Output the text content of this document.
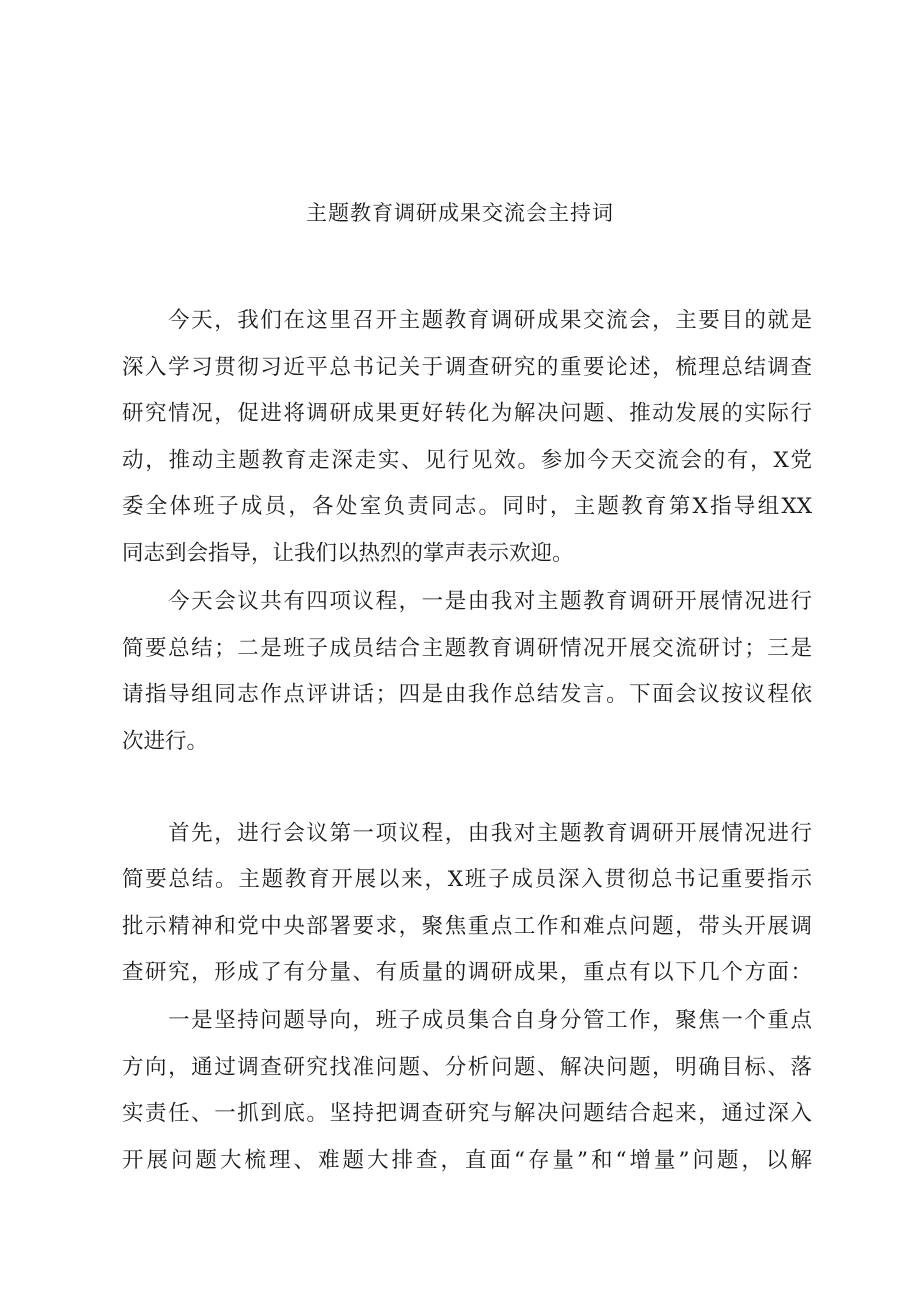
主题教育调研成果交流会主持词
　　今天，我们在这里召开主题教育调研成果交流会，主要目的就是
深入学习贯彻习近平总书记关于调查研究的重要论述，梳理总结调查
研究情况，促进将调研成果更好转化为解决问题、推动发展的实际行
动，推动主题教育走深走实、见行见效。参加今天交流会的有，X党
委全体班子成员，各处室负责同志。同时，主题教育第X指导组XX
同志到会指导，让我们以热烈的掌声表示欢迎。
　　今天会议共有四项议程，一是由我对主题教育调研开展情况进行
简要总结；二是班子成员结合主题教育调研情况开展交流研讨；三是
请指导组同志作点评讲话；四是由我作总结发言。下面会议按议程依
次进行。
　　首先，进行会议第一项议程，由我对主题教育调研开展情况进行
简要总结。主题教育开展以来，X班子成员深入贯彻总书记重要指示
批示精神和党中央部署要求，聚焦重点工作和难点问题，带头开展调
查研究，形成了有分量、有质量的调研成果，重点有以下几个方面：
　　一是坚持问题导向，班子成员集合自身分管工作，聚焦一个重点
方向，通过调查研究找准问题、分析问题、解决问题，明确目标、落
实责任、一抓到底。坚持把调查研究与解决问题结合起来，通过深入
开展问题大梳理、难题大排查，直面“存量”和“增量”问题，以解
